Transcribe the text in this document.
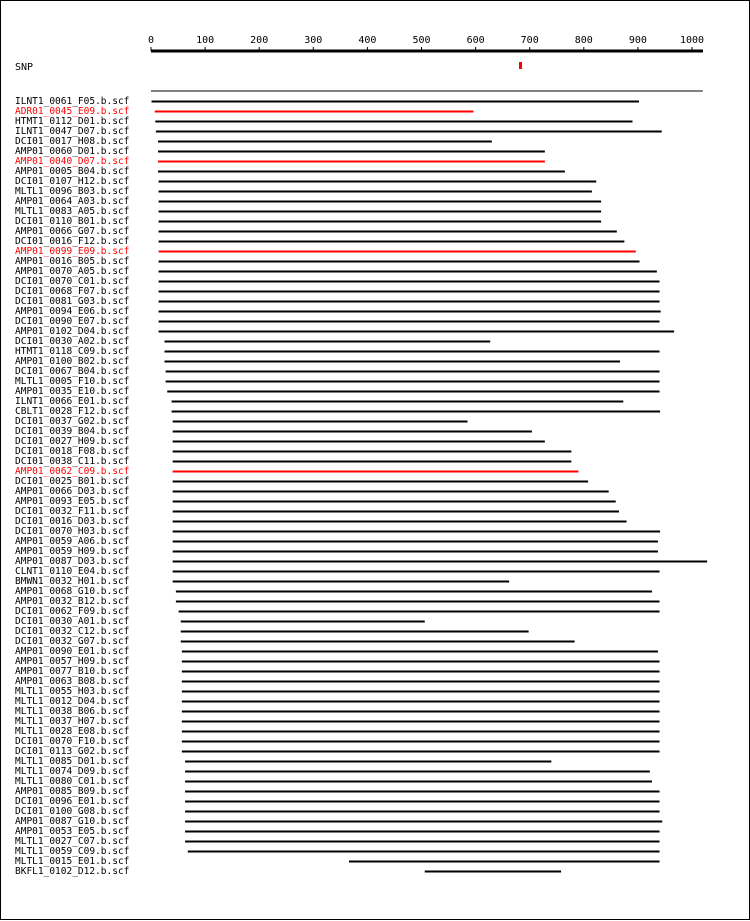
0	100	200	300	400	500	600	700	800	900	1000
SNP
ILNT1_0061_F05.b.scf
ADR01_0045_E09.b.scf
HTMT1_0112_D01.b.scf
ILNT1_0047_D07.b.scf
DCI01_0017_H08.b.scf
AMP01_0060_D01.b.scf
AMP01_0040_D07.b.scf
AMP01_0005_B04.b.scf
DCI01_0107_H12.b.scf
MLTL1_0096_B03.b.scf
AMP01_0064_A03.b.scf
MLTL1_0083_A05.b.scf
DCI01_0110_B01.b.scf
AMP01_0066_G07.b.scf
DCI01_0016_F12.b.scf
AMP01_0099_E09.b.scf
AMP01_0016_B05.b.scf
AMP01_0070_A05.b.scf
DCI01_0070_C01.b.scf
DCI01_0068_F07.b.scf
DCI01_0081_G03.b.scf
AMP01_0094_E06.b.scf
DCI01_0090_E07.b.scf
AMP01_0102_D04.b.scf
DCI01_0030_A02.b.scf
HTMT1_0118_C09.b.scf
AMP01_0100_B02.b.scf
DCI01_0067_B04.b.scf
MLTL1_0005_F10.b.scf
AMP01_0035_E10.b.scf
ILNT1_0066_E01.b.scf
CBLT1_0028_F12.b.scf
DCI01_0037_G02.b.scf
DCI01_0039_B04.b.scf
DCI01_0027_H09.b.scf
DCI01_0018_F08.b.scf
DCI01_0038_C11.b.scf
AMP01_0062_C09.b.scf
DCI01_0025_B01.b.scf
AMP01_0066_D03.b.scf
AMP01_0093_E05.b.scf
DCI01_0032_F11.b.scf
DCI01_0016_D03.b.scf
DCI01_0070_H03.b.scf
AMP01_0059_A06.b.scf
AMP01_0059_H09.b.scf
AMP01_0087_D03.b.scf
CLNT1_0110_E04.b.scf
BMWN1_0032_H01.b.scf
AMP01_0068_G10.b.scf
AMP01_0032_B12.b.scf
DCI01_0062_F09.b.scf
DCI01_0030_A01.b.scf
DCI01_0032_C12.b.scf
DCI01_0032_G07.b.scf
AMP01_0090_E01.b.scf
AMP01_0057_H09.b.scf
AMP01_0077_B10.b.scf
AMP01_0063_B08.b.scf
MLTL1_0055_H03.b.scf
MLTL1_0012_D04.b.scf
MLTL1_0038_B06.b.scf
MLTL1_0037_H07.b.scf
MLTL1_0028_E08.b.scf
DCI01_0070_F10.b.scf
DCI01_0113_G02.b.scf
MLTL1_0085_D01.b.scf
MLTL1_0074_D09.b.scf
MLTL1_0080_C01.b.scf
AMP01_0085_B09.b.scf
DCI01_0096_E01.b.scf
DCI01_0100_G08.b.scf
AMP01_0087_G10.b.scf
AMP01_0053_E05.b.scf
MLTL1_0027_C07.b.scf
MLTL1_0059_C09.b.scf
MLTL1_0015_E01.b.scf
BKFL1_0102_D12.b.scf
